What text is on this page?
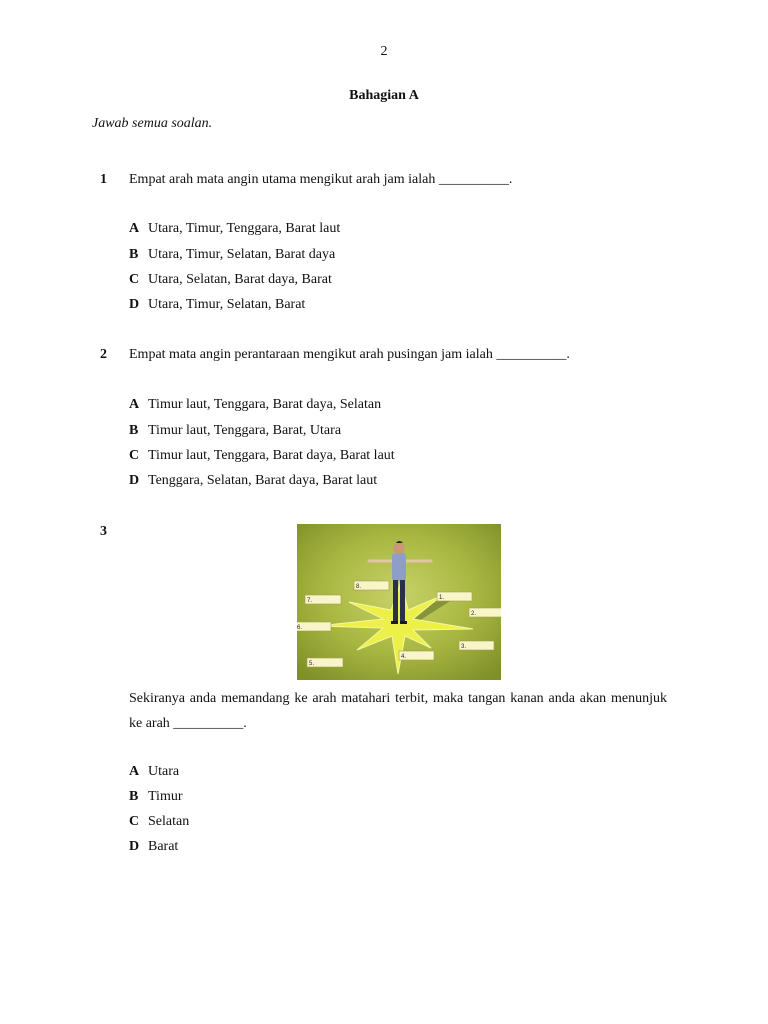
2
Bahagian A
Jawab semua soalan.
1 Empat arah mata angin utama mengikut arah jam ialah __________.
A Utara, Timur, Tenggara, Barat laut
B Utara, Timur, Selatan, Barat daya
C Utara, Selatan, Barat daya, Barat
D Utara, Timur, Selatan, Barat
2 Empat mata angin perantaraan mengikut arah pusingan jam ialah __________.
A Timur laut, Tenggara, Barat daya, Selatan
B Timur laut, Tenggara, Barat, Utara
C Timur laut, Tenggara, Barat daya, Barat laut
D Tenggara, Selatan, Barat daya, Barat laut
3
1.
2.
3.
4.
5.
6.
7.
8.
Sekiranya anda memandang ke arah matahari terbit, maka tangan kanan anda akan menunjuk ke arah __________.
A Utara
B Timur
C Selatan
D Barat
